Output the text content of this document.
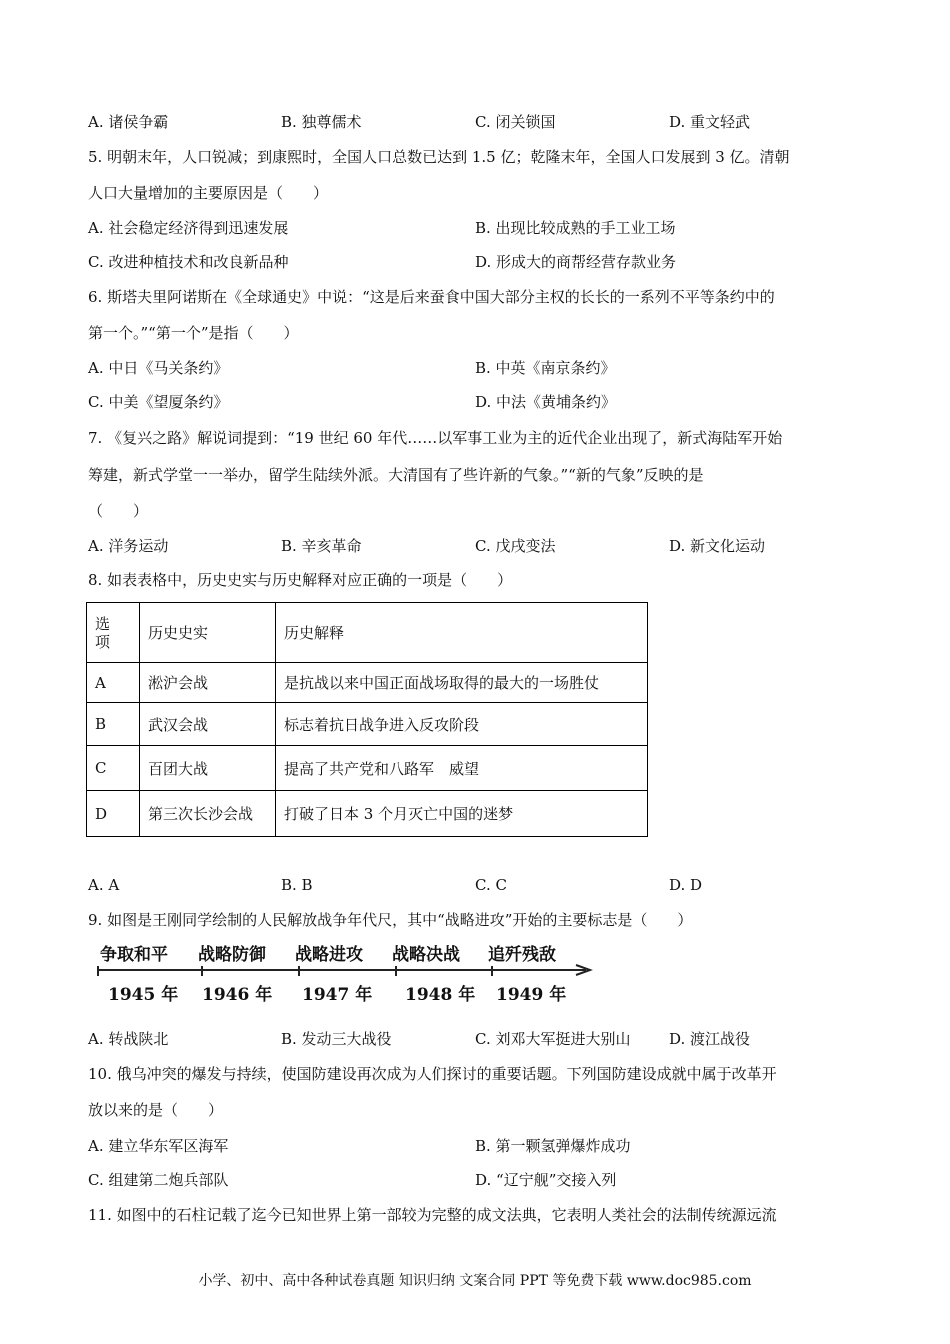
A. 诸侯争霸	B. 独尊儒术	C. 闭关锁国	D. 重文轻武
5. 明朝末年，人口锐减；到康熙时，全国人口总数已达到 1.5 亿；乾隆末年，全国人口发展到 3 亿。清朝
人口大量增加的主要原因是（　　）
A. 社会稳定经济得到迅速发展	B. 出现比较成熟的手工业工场
C. 改进种植技术和改良新品种	D. 形成大的商帮经营存款业务
6. 斯塔夫里阿诺斯在《全球通史》中说：“这是后来蚕食中国大部分主权的长长的一系列不平等条约中的
第一个。”“第一个”是指（　　）
A. 中日《马关条约》	B. 中英《南京条约》
C. 中美《望厦条约》	D. 中法《黄埔条约》
7. 《复兴之路》解说词提到：“19 世纪 60 年代……以军事工业为主的近代企业出现了，新式海陆军开始
筹建，新式学堂一一举办，留学生陆续外派。大清国有了些许新的气象。”“新的气象”反映的是
（　　）
A. 洋务运动	B. 辛亥革命	C. 戊戌变法	D. 新文化运动
8. 如表表格中，历史史实与历史解释对应正确的一项是（　　）
选
项	历史史实	历史解释
A	淞沪会战	是抗战以来中国正面战场取得的最大的一场胜仗
B	武汉会战	标志着抗日战争进入反攻阶段
C	百团大战	提高了共产党和八路军　威望
D	第三次长沙会战	打破了日本 3 个月灭亡中国的迷梦
A. A	B. B	C. C	D. D
9. 如图是王刚同学绘制的人民解放战争年代尺，其中“战略进攻”开始的主要标志是（　　）
争取和平 战略防御 战略进攻 战略决战 追歼残敌
1945 年 1946 年 1947 年 1948 年 1949 年
A. 转战陕北	B. 发动三大战役	C. 刘邓大军挺进大别山	D. 渡江战役
10. 俄乌冲突的爆发与持续，使国防建设再次成为人们探讨的重要话题。下列国防建设成就中属于改革开
放以来的是（　　）
A. 建立华东军区海军	B. 第一颗氢弹爆炸成功
C. 组建第二炮兵部队	D. “辽宁舰”交接入列
11. 如图中的石柱记载了迄今已知世界上第一部较为完整的成文法典，它表明人类社会的法制传统源远流
小学、初中、高中各种试卷真题 知识归纳 文案合同 PPT 等免费下载 www.doc985.com
